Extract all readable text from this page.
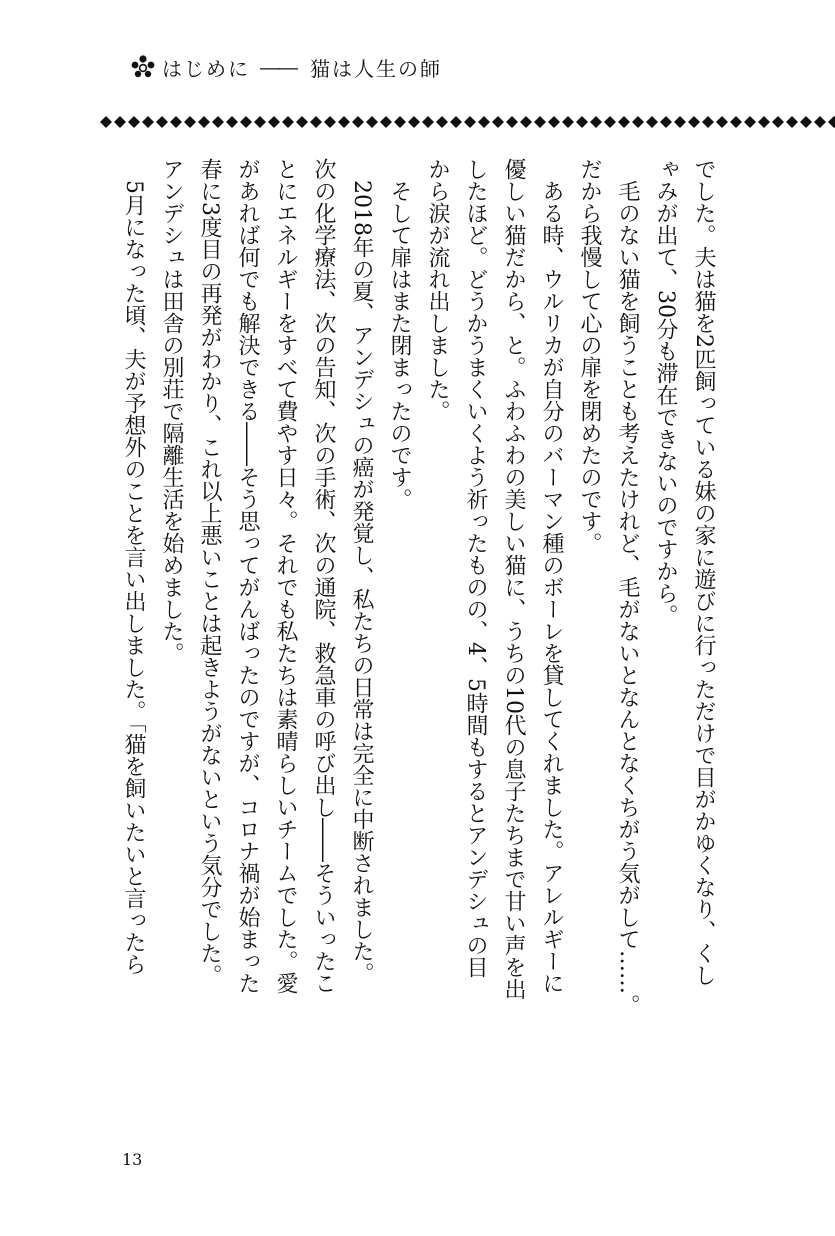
はじめに ―― 猫は人生の師

でした。夫は猫を2匹飼っている妹の家に遊びに行っただけで目がかゆくなり、くし

ゃみが出て、30分も滞在できないのですから。

　毛のない猫を飼うことも考えたけれど、毛がないとなんとなくちがう気がして……。

だから我慢して心の扉を閉めたのです。

　ある時、ウルリカが自分のバーマン種のボーレを貸してくれました。アレルギーに

優しい猫だから、と。ふわふわの美しい猫に、うちの10代の息子たちまで甘い声を出

したほど。どうかうまくいくよう祈ったものの、4、5時間もするとアンデシュの目

から涙が流れ出しました。

　そして扉はまた閉まったのです。

　2018年の夏、アンデシュの癌が発覚し、私たちの日常は完全に中断されました。

次の化学療法、次の告知、次の手術、次の通院、救急車の呼び出し――そういったこ

とにエネルギーをすべて費やす日々。それでも私たちは素晴らしいチームでした。愛

があれば何でも解決できる――そう思ってがんばったのですが、コロナ禍が始まった

春に3度目の再発がわかり、これ以上悪いことは起きようがないという気分でした。

アンデシュは田舎の別荘で隔離生活を始めました。

　5月になった頃、夫が予想外のことを言い出しました。「猫を飼いたいと言ったら

13
